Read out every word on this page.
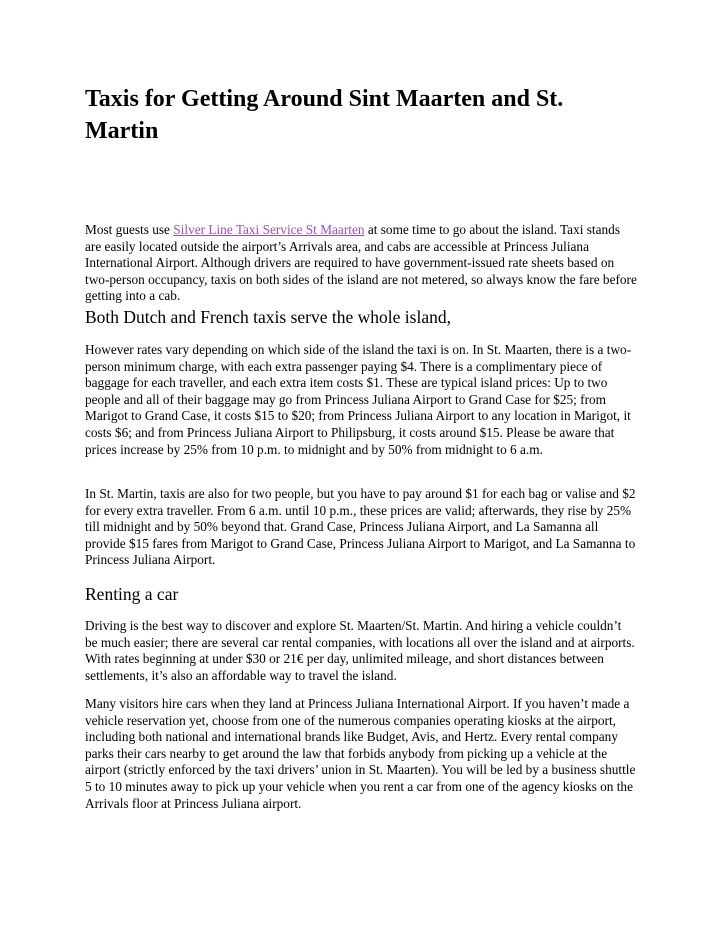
Taxis for Getting Around Sint Maarten and St. Martin

Most guests use Silver Line Taxi Service St Maarten at some time to go about the island. Taxi stands are easily located outside the airport’s Arrivals area, and cabs are accessible at Princess Juliana International Airport. Although drivers are required to have government-issued rate sheets based on two-person occupancy, taxis on both sides of the island are not metered, so always know the fare before getting into a cab.

Both Dutch and French taxis serve the whole island,

However rates vary depending on which side of the island the taxi is on. In St. Maarten, there is a two-person minimum charge, with each extra passenger paying $4. There is a complimentary piece of baggage for each traveller, and each extra item costs $1. These are typical island prices: Up to two people and all of their baggage may go from Princess Juliana Airport to Grand Case for $25; from Marigot to Grand Case, it costs $15 to $20; from Princess Juliana Airport to any location in Marigot, it costs $6; and from Princess Juliana Airport to Philipsburg, it costs around $15. Please be aware that prices increase by 25% from 10 p.m. to midnight and by 50% from midnight to 6 a.m.

In St. Martin, taxis are also for two people, but you have to pay around $1 for each bag or valise and $2 for every extra traveller. From 6 a.m. until 10 p.m., these prices are valid; afterwards, they rise by 25% till midnight and by 50% beyond that. Grand Case, Princess Juliana Airport, and La Samanna all provide $15 fares from Marigot to Grand Case, Princess Juliana Airport to Marigot, and La Samanna to Princess Juliana Airport.

Renting a car

Driving is the best way to discover and explore St. Maarten/St. Martin. And hiring a vehicle couldn’t be much easier; there are several car rental companies, with locations all over the island and at airports. With rates beginning at under $30 or 21€ per day, unlimited mileage, and short distances between settlements, it’s also an affordable way to travel the island.

Many visitors hire cars when they land at Princess Juliana International Airport. If you haven’t made a vehicle reservation yet, choose from one of the numerous companies operating kiosks at the airport, including both national and international brands like Budget, Avis, and Hertz. Every rental company parks their cars nearby to get around the law that forbids anybody from picking up a vehicle at the airport (strictly enforced by the taxi drivers’ union in St. Maarten). You will be led by a business shuttle 5 to 10 minutes away to pick up your vehicle when you rent a car from one of the agency kiosks on the Arrivals floor at Princess Juliana airport.
